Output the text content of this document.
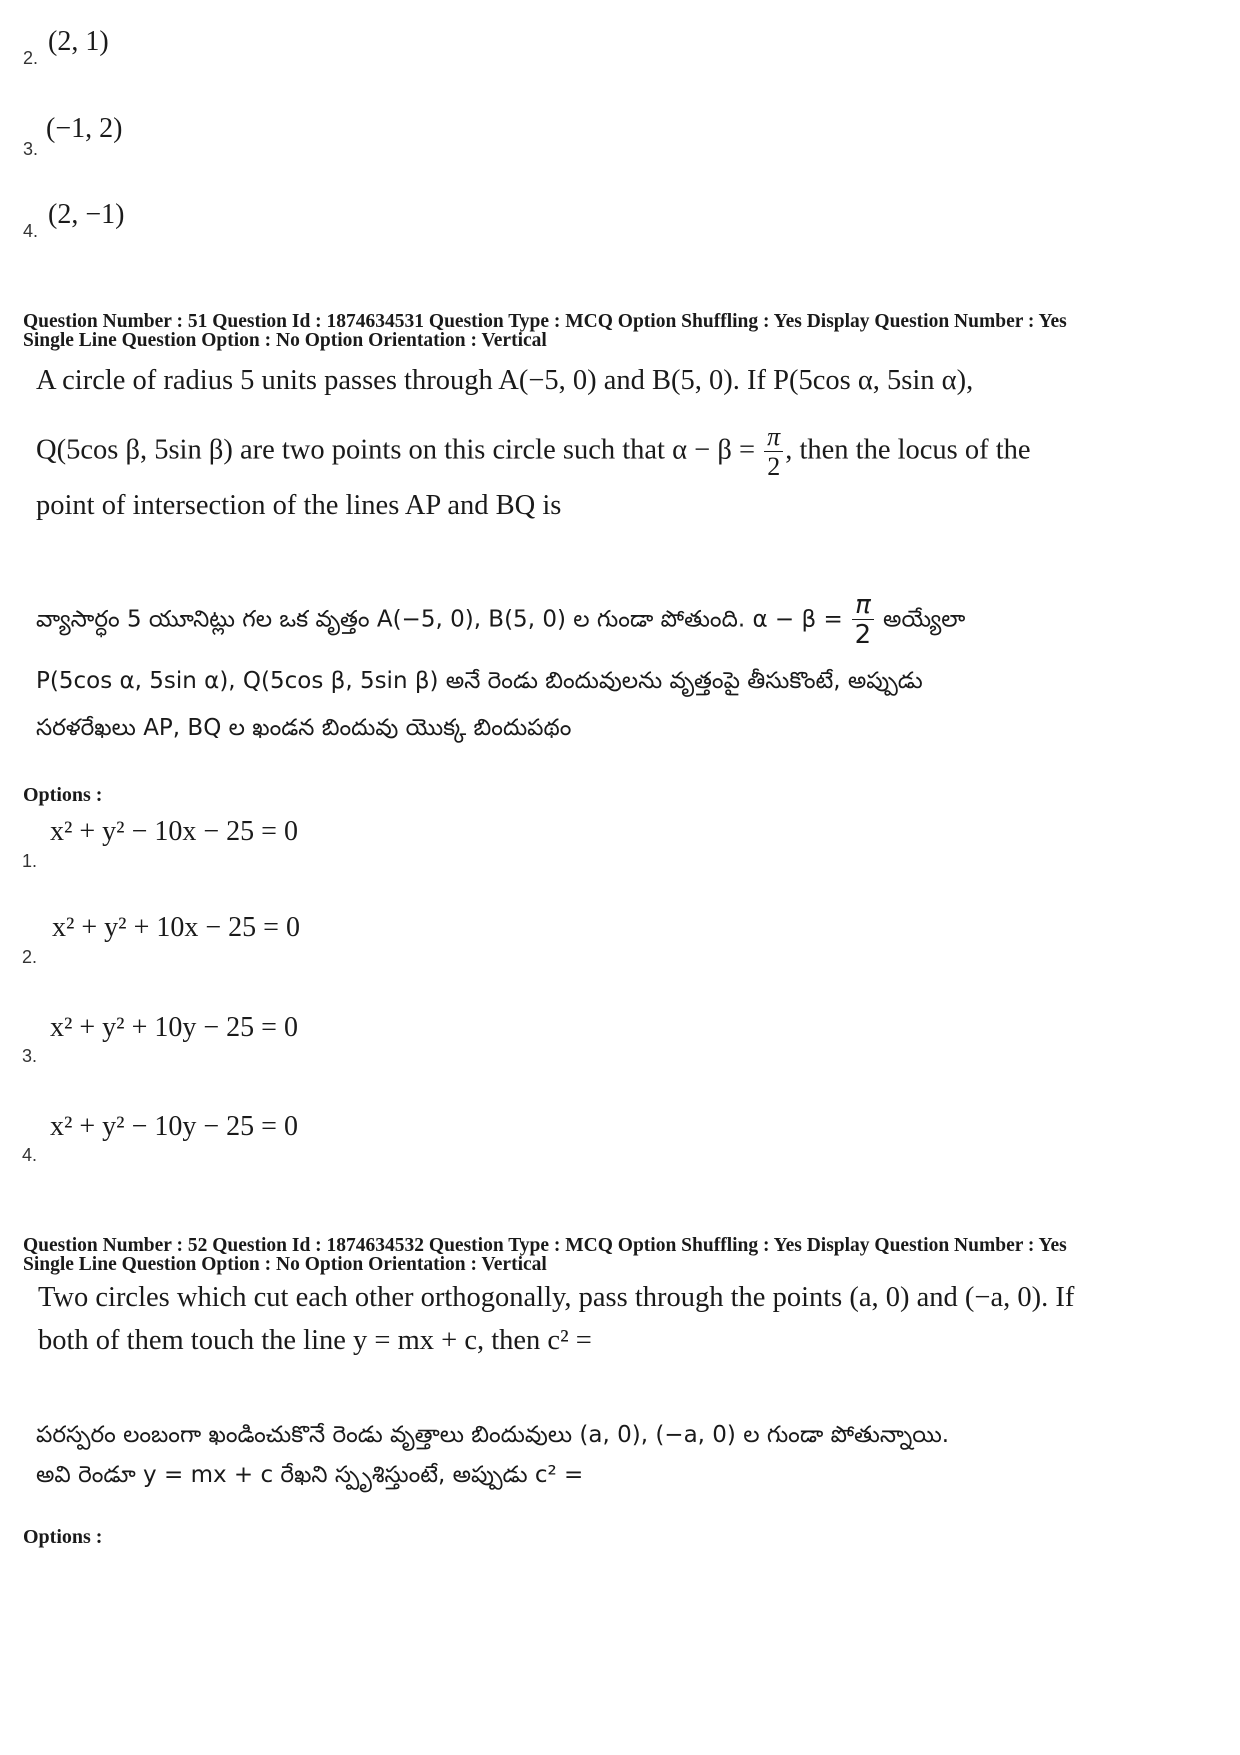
2.
(2, 1)
3.
(−1, 2)
4.
(2, −1)
Question Number : 51 Question Id : 1874634531 Question Type : MCQ Option Shuffling : Yes Display Question Number : Yes
Single Line Question Option : No Option Orientation : Vertical
A circle of radius 5 units passes through A(−5, 0) and B(5, 0). If P(5cos α, 5sin α),
Q(5cos β, 5sin β) are two points on this circle such that $\alpha - \beta = \frac{\pi}{2}$ , then the locus of the
point of intersection of the lines AP and BQ is
వ్యాసార్ధం 5 యూనిట్లు గల ఒక వృత్తం A(−5, 0), B(5, 0) ల గుండా పోతుంది. $\alpha - \beta = \frac{\pi}{2}$ అయ్యేలా
P(5cos α, 5sin α), Q(5cos β, 5sin β) అనే రెండు బిందువులను వృత్తంపై తీసుకొంటే, అప్పుడు
సరళరేఖలు AP, BQ ల ఖండన బిందువు యొక్క బిందుపథం
Options :
x² + y² − 10x − 25 = 0
1.
x² + y² + 10x − 25 = 0
2.
x² + y² + 10y − 25 = 0
3.
x² + y² − 10y − 25 = 0
4.
Question Number : 52 Question Id : 1874634532 Question Type : MCQ Option Shuffling : Yes Display Question Number : Yes
Single Line Question Option : No Option Orientation : Vertical
Two circles which cut each other orthogonally, pass through the points (a, 0) and (−a, 0). If
both of them touch the line y = mx + c, then c² =
పరస్పరం లంబంగా ఖండించుకొనే రెండు వృత్తాలు బిందువులు (a, 0), (−a, 0) ల గుండా పోతున్నాయి.
అవి రెండూ y = mx + c రేఖని స్పృశిస్తుంటే, అప్పుడు c² =
Options :
